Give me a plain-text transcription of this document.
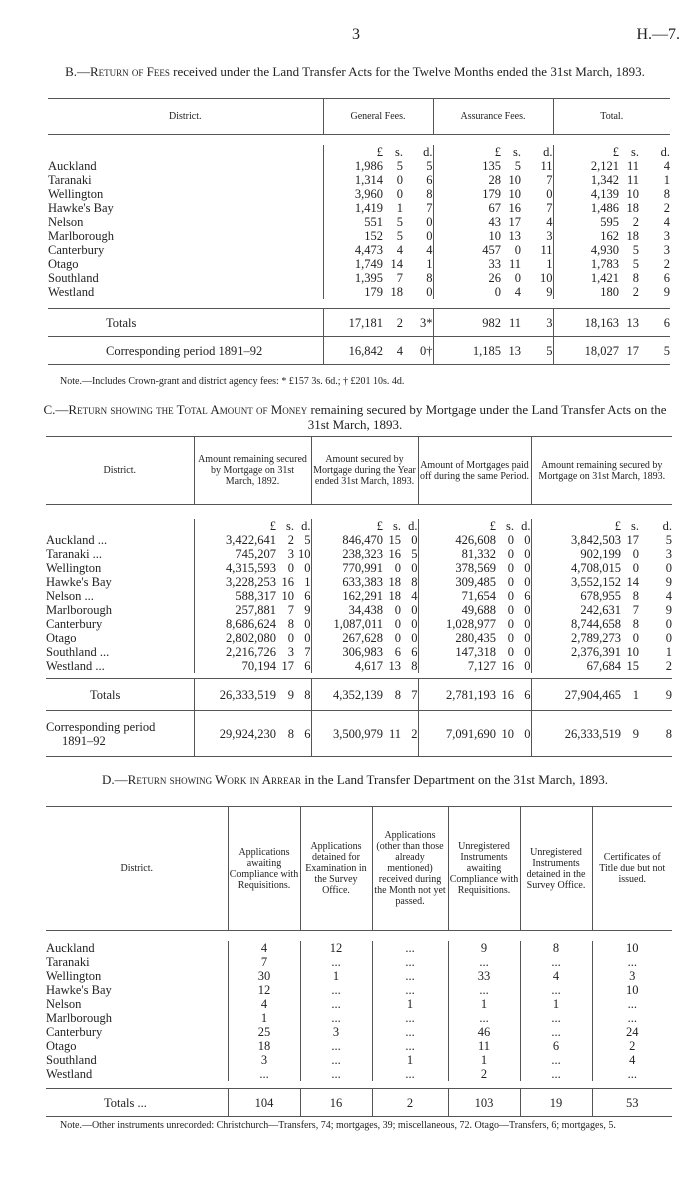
3	H.—7.
B.—Return of Fees received under the Land Transfer Acts for the Twelve Months ended the 31st March, 1893.
District.	General Fees.			Assurance Fees.			Total.		

	£	s.	d.	£	s.	d.	£	s.	d.
Auckland	1,986	5	5	135	5	11	2,121	11	4
Taranaki	1,314	0	6	28	10	7	1,342	11	1
Wellington	3,960	0	8	179	10	0	4,139	10	8
Hawke's Bay	1,419	1	7	67	16	7	1,486	18	2
Nelson	551	5	0	43	17	4	595	2	4
Marlborough	152	5	0	10	13	3	162	18	3
Canterbury	4,473	4	4	457	0	11	4,930	5	3
Otago	1,749	14	1	33	11	1	1,783	5	2
Southland	1,395	7	8	26	0	10	1,421	8	6
Westland	179	18	0	0	4	9	180	2	9

Totals	17,181	2	3*	982	11	3	18,163	13	6
Corresponding period 1891–92	16,842	4	0†	1,185	13	5	18,027	17	5
Note.—Includes Crown-grant and district agency fees: * £157 3s. 6d.; † £201 10s. 4d.
C.—Return showing the Total Amount of Money remaining secured by Mortgage under the Land Transfer Acts on the 31st March, 1893.
District.	Amount remaining secured by Mortgage on 31st March, 1892.			Amount secured by Mortgage during the Year ended 31st March, 1893.			Amount of Mortgages paid off during the same Period.			Amount remaining secured by Mortgage on 31st March, 1893.		

	£	s.	d.	£	s.	d.	£	s.	d.	£	s.	d.
Auckland ...	3,422,641	2	5	846,470	15	0	426,608	0	0	3,842,503	17	5
Taranaki ...	745,207	3	10	238,323	16	5	81,332	0	0	902,199	0	3
Wellington	4,315,593	0	0	770,991	0	0	378,569	0	0	4,708,015	0	0
Hawke's Bay	3,228,253	16	1	633,383	18	8	309,485	0	0	3,552,152	14	9
Nelson ...	588,317	10	6	162,291	18	4	71,654	0	6	678,955	8	4
Marlborough	257,881	7	9	34,438	0	0	49,688	0	0	242,631	7	9
Canterbury	8,686,624	8	0	1,087,011	0	0	1,028,977	0	0	8,744,658	8	0
Otago	2,802,080	0	0	267,628	0	0	280,435	0	0	2,789,273	0	0
Southland ...	2,216,726	3	7	306,983	6	6	147,318	0	0	2,376,391	10	1
Westland ...	70,194	17	6	4,617	13	8	7,127	16	0	67,684	15	2

Totals	26,333,519	9	8	4,352,139	8	7	2,781,193	16	6	27,904,465	1	9

Corresponding period
1891–92	29,924,230	8	6	3,500,979	11	2	7,091,690	10	0	26,333,519	9	8
D.—Return showing Work in Arrear in the Land Transfer Department on the 31st March, 1893.
District.	Applications awaiting Compliance with Requisitions.	Applications detained for Examination in the Survey Office.	Applications (other than those already mentioned) received during the Month not yet passed.	Unregistered Instruments awaiting Compliance with Requisitions.	Unregistered Instruments detained in the Survey Office.	Certificates of Title due but not issued.

Auckland	4	12	...	9	8	10
Taranaki	7	...	...	...	...	...
Wellington	30	1	...	33	4	3
Hawke's Bay	12	...	...	...	...	10
Nelson	4	...	1	1	1	...
Marlborough	1	...	...	...	...	...
Canterbury	25	3	...	46	...	24
Otago	18	...	...	11	6	2
Southland	3	...	1	1	...	4
Westland	...	...	...	2	...	...

Totals ...	104	16	2	103	19	53
Note.—Other instruments unrecorded: Christchurch—Transfers, 74; mortgages, 39; miscellaneous, 72. Otago—Transfers, 6; mortgages, 5.
